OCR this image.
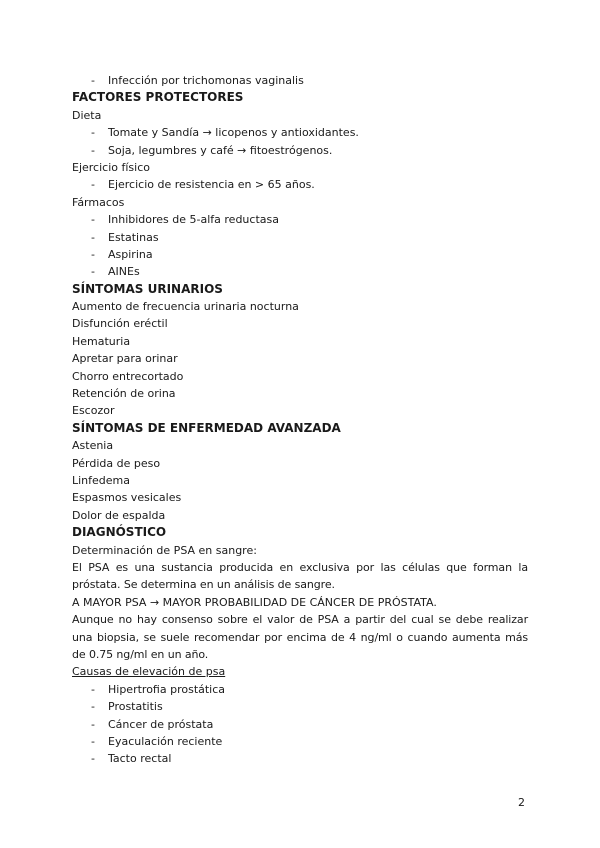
- Infección por trichomonas vaginalis
FACTORES PROTECTORES
Dieta
- Tomate y Sandía → licopenos y antioxidantes.
- Soja, legumbres y café → fitoestrógenos.
Ejercicio físico
- Ejercicio de resistencia en > 65 años.
Fármacos
- Inhibidores de 5-alfa reductasa
- Estatinas
- Aspirina
- AINEs
SÍNTOMAS URINARIOS
Aumento de frecuencia urinaria nocturna
Disfunción eréctil
Hematuria
Apretar para orinar
Chorro entrecortado
Retención de orina
Escozor
SÍNTOMAS DE ENFERMEDAD AVANZADA
Astenia
Pérdida de peso
Linfedema
Espasmos vesicales
Dolor de espalda
DIAGNÓSTICO
Determinación de PSA en sangre:
El PSA es una sustancia producida en exclusiva por las células que forman la próstata. Se determina en un análisis de sangre.
A MAYOR PSA → MAYOR PROBABILIDAD DE CÁNCER DE PRÓSTATA.
Aunque no hay consenso sobre el valor de PSA a partir del cual se debe realizar una biopsia, se suele recomendar por encima de 4 ng/ml o cuando aumenta más de 0.75 ng/ml en un año.
Causas de elevación de psa
- Hipertrofia prostática
- Prostatitis
- Cáncer de próstata
- Eyaculación reciente
- Tacto rectal
2
